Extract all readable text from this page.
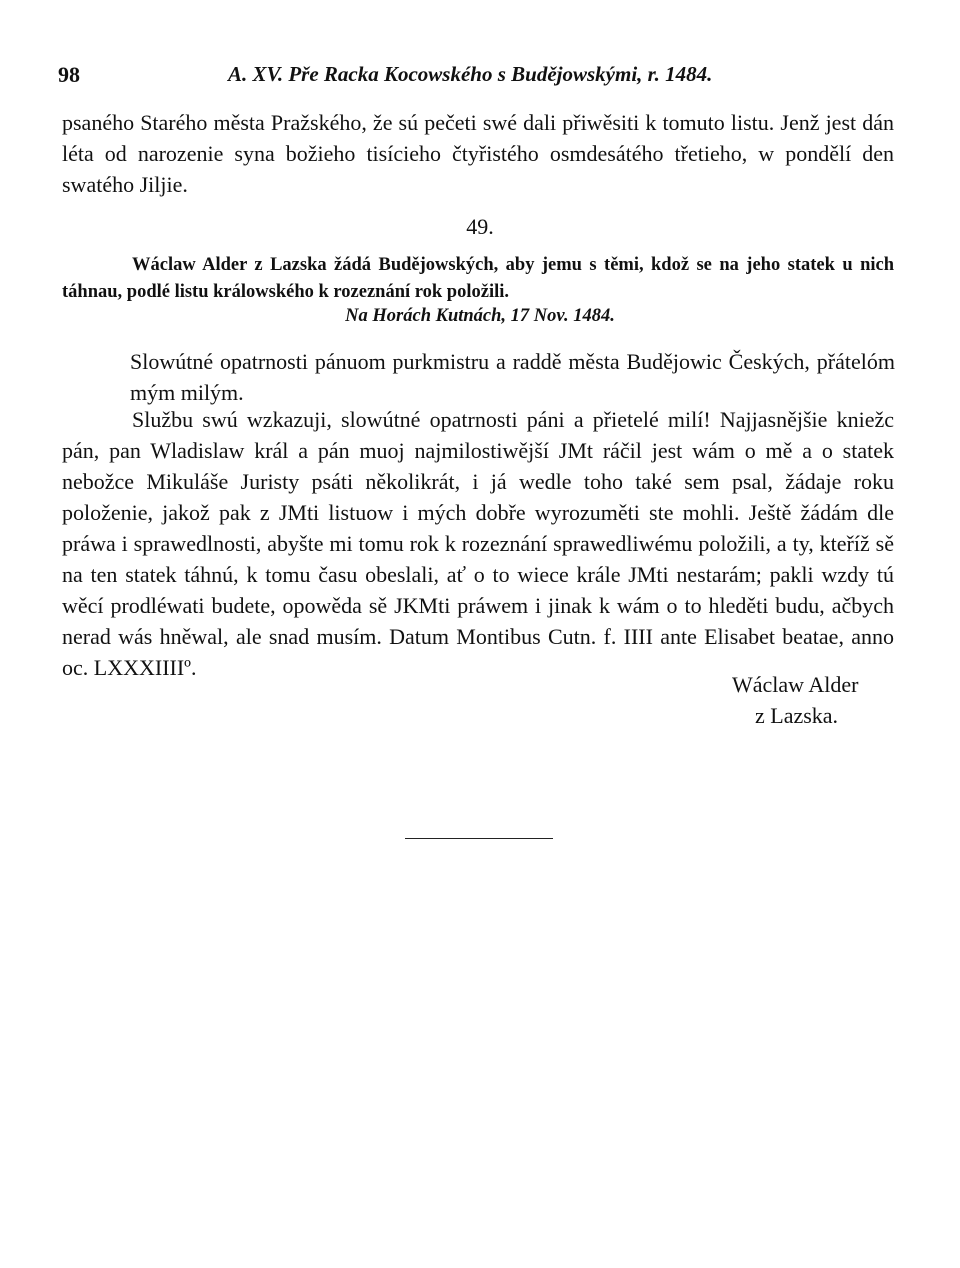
98	A. XV. Pře Racka Kocowského s Budějowskými, r. 1484.

psaného Starého města Pražského, že sú pečeti swé dali přiwěsiti k tomuto listu. Jenž jest dán léta od narozenie syna božieho tisícieho čtyřistého osmdesátého třetieho, w pondělí den swatého Jiljie.

49.

Wáclaw Alder z Lazska žádá Budějowských, aby jemu s těmi, kdož se na jeho statek u nich táhnau, podlé listu králowského k rozeznání rok položili.

Na Horách Kutnách, 17 Nov. 1484.

Slowútné opatrnosti pánuom purkmistru a raddě města Budějowic Českých, přátelóm mým milým.

Službu swú wzkazuji, slowútné opatrnosti páni a přietelé milí! Najjasnějšie kniežc pán, pan Wladislaw král a pán muoj najmilostiwější JMt ráčil jest wám o mě a o statek nebožce Mikuláše Juristy psáti několikrát, i já wedle toho také sem psal, žádaje roku položenie, jakož pak z JMti listuow i mých dobře wyrozuměti ste mohli. Ještě žádám dle práwa i sprawedlnosti, abyšte mi tomu rok k rozeznání sprawedliwému položili, a ty, kteříž sě na ten statek táhnú, k tomu času obeslali, ať o to wiece krále JMti nestarám; pakli wzdy tú wěcí prodléwati budete, opowěda sě JKMti práwem i jinak k wám o to hleděti budu, ačbych nerad wás hněwal, ale snad musím. Datum Montibus Cutn. f. IIII ante Elisabet beatae, anno oc. LXXXIIIIº.

Wáclaw Alder

z Lazska.
